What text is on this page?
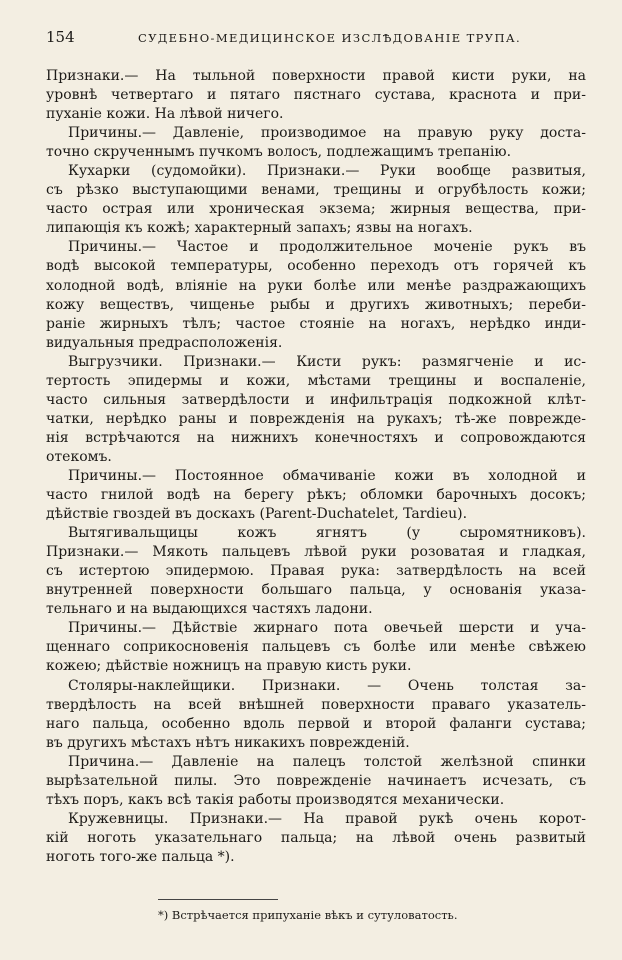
154	СУДЕБНО-МЕДИЦИНСКОЕ ИЗСЛѢДОВАНІЕ ТРУПА.
Признаки.— На тыльной поверхности правой кисти руки, на
уровнѣ четвертаго и пятаго пястнаго сустава, краснота и при-
пуханіе кожи. На лѣвой ничего.
Причины.— Давленіе, производимое на правую руку доста-
точно скрученнымъ пучкомъ волосъ, подлежащимъ трепанію.
Кухарки (судомойки). Признаки.— Руки вообще развитыя,
съ рѣзко выступающими венами, трещины и огрубѣлость кожи;
часто острая или хроническая экзема; жирныя вещества, при-
липающія къ кожѣ; характерный запахъ; язвы на ногахъ.
Причины.— Частое и продолжительное моченіе рукъ въ
водѣ высокой температуры, особенно переходъ отъ горячей къ
холодной водѣ, вліяніе на руки болѣе или менѣе раздражающихъ
кожу веществъ, чищенье рыбы и другихъ животныхъ; переби-
раніе жирныхъ тѣлъ; частое стояніе на ногахъ, нерѣдко инди-
видуальныя предрасположенія.
Выгрузчики. Признаки.— Кисти рукъ: размягченіе и ис-
тертость эпидермы и кожи, мѣстами трещины и воспаленіе,
часто сильныя затвердѣлости и инфильтрація подкожной клѣт-
чатки, нерѣдко раны и поврежденія на рукахъ; тѣ-же поврежде-
нія встрѣчаются на нижнихъ конечностяхъ и сопровождаются
отекомъ.
Причины.— Постоянное обмачиваніе кожи въ холодной и
часто гнилой водѣ на берегу рѣкъ; обломки барочныхъ досокъ;
дѣйствіе гвоздей въ доскахъ (Parent-Duchatelet, Tardieu).
Вытягивальщицы кожъ ягнятъ (у сыромятниковъ).
Признаки.— Мякоть пальцевъ лѣвой руки розоватая и гладкая,
съ истертою эпидермою. Правая рука: затвердѣлость на всей
внутренней поверхности большаго пальца, у основанія указа-
тельнаго и на выдающихся частяхъ ладони.
Причины.— Дѣйствіе жирнаго пота овечьей шерсти и уча-
щеннаго соприкосновенія пальцевъ съ болѣе или менѣе свѣжею
кожею; дѣйствіе ножницъ на правую кисть руки.
Столяры-наклейщики. Признаки. — Очень толстая за-
твердѣлость на всей внѣшней поверхности праваго указатель-
наго пальца, особенно вдоль первой и второй фаланги сустава;
въ другихъ мѣстахъ нѣтъ никакихъ поврежденій.
Причина.— Давленіе на палецъ толстой желѣзной спинки
вырѣзательной пилы. Это поврежденіе начинаетъ исчезать, съ
тѣхъ поръ, какъ всѣ такія работы производятся механически.
Кружевницы. Признаки.— На правой рукѣ очень корот-
кій ноготь указательнаго пальца; на лѣвой очень развитый
ноготь того-же пальца *).
*) Встрѣчается припуханіе вѣкъ и сутуловатость.
